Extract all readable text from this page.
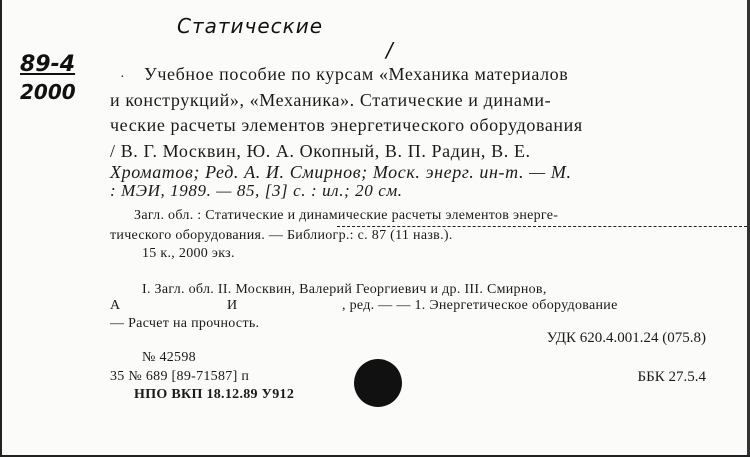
Статические
/
89-4
2000
· Учебное пособие по курсам «Механика материалов
и конструкций», «Механика». Статические и динами-
ческие расчеты элементов энергетического оборудования
/ В. Г. Москвин, Ю. А. Окопный, В. П. Радин, В. Е.
Хроматов; Ред. А. И. Смирнов; Моск. энерг. ин-т. — М.
: МЭИ, 1989. — 85, [3] с. : ил.; 20 см.
Загл. обл. : Статические и динамические расчеты элементов энерге-
тического оборудования. — Библиогр.: с. 87 (11 назв.).
15 к., 2000 экз.
I. Загл. обл. II. Москвин, Валерий Георгиевич и др. III. Смирнов,
А	И	, ред. — — 1. Энергетическое оборудование
— Расчет на прочность.
УДК 620.4.001.24 (075.8)
№ 42598
35 № 689 [89-71587] п
НПО ВКП 18.12.89 У912
ББК 27.5.4
